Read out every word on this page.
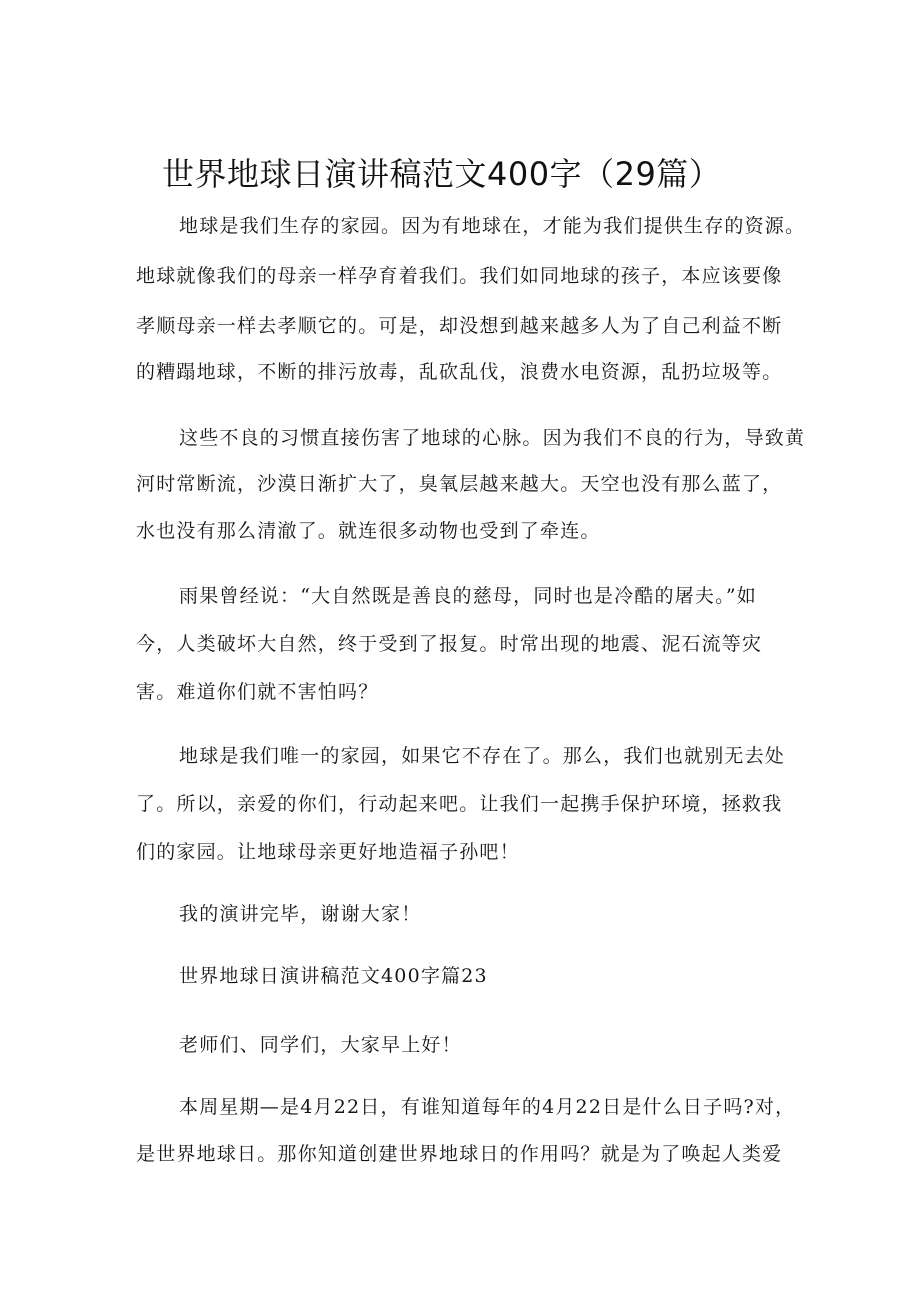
世界地球日演讲稿范文400字（29篇）
地球是我们生存的家园。因为有地球在，才能为我们提供生存的资源。
地球就像我们的母亲一样孕育着我们。我们如同地球的孩子，本应该要像
孝顺母亲一样去孝顺它的。可是，却没想到越来越多人为了自己利益不断
的糟蹋地球，不断的排污放毒，乱砍乱伐，浪费水电资源，乱扔垃圾等。
这些不良的习惯直接伤害了地球的心脉。因为我们不良的行为，导致黄
河时常断流，沙漠日渐扩大了，臭氧层越来越大。天空也没有那么蓝了，
水也没有那么清澈了。就连很多动物也受到了牵连。
雨果曾经说：“大自然既是善良的慈母，同时也是冷酷的屠夫。”如
今，人类破坏大自然，终于受到了报复。时常出现的地震、泥石流等灾
害。难道你们就不害怕吗？
地球是我们唯一的家园，如果它不存在了。那么，我们也就别无去处
了。所以，亲爱的你们，行动起来吧。让我们一起携手保护环境，拯救我
们的家园。让地球母亲更好地造福子孙吧！
我的演讲完毕，谢谢大家！
世界地球日演讲稿范文400字篇23
老师们、同学们，大家早上好！
本周星期—是4月22日，有谁知道每年的4月22日是什么日子吗?对，
是世界地球日。那你知道创建世界地球日的作用吗？就是为了唤起人类爱
